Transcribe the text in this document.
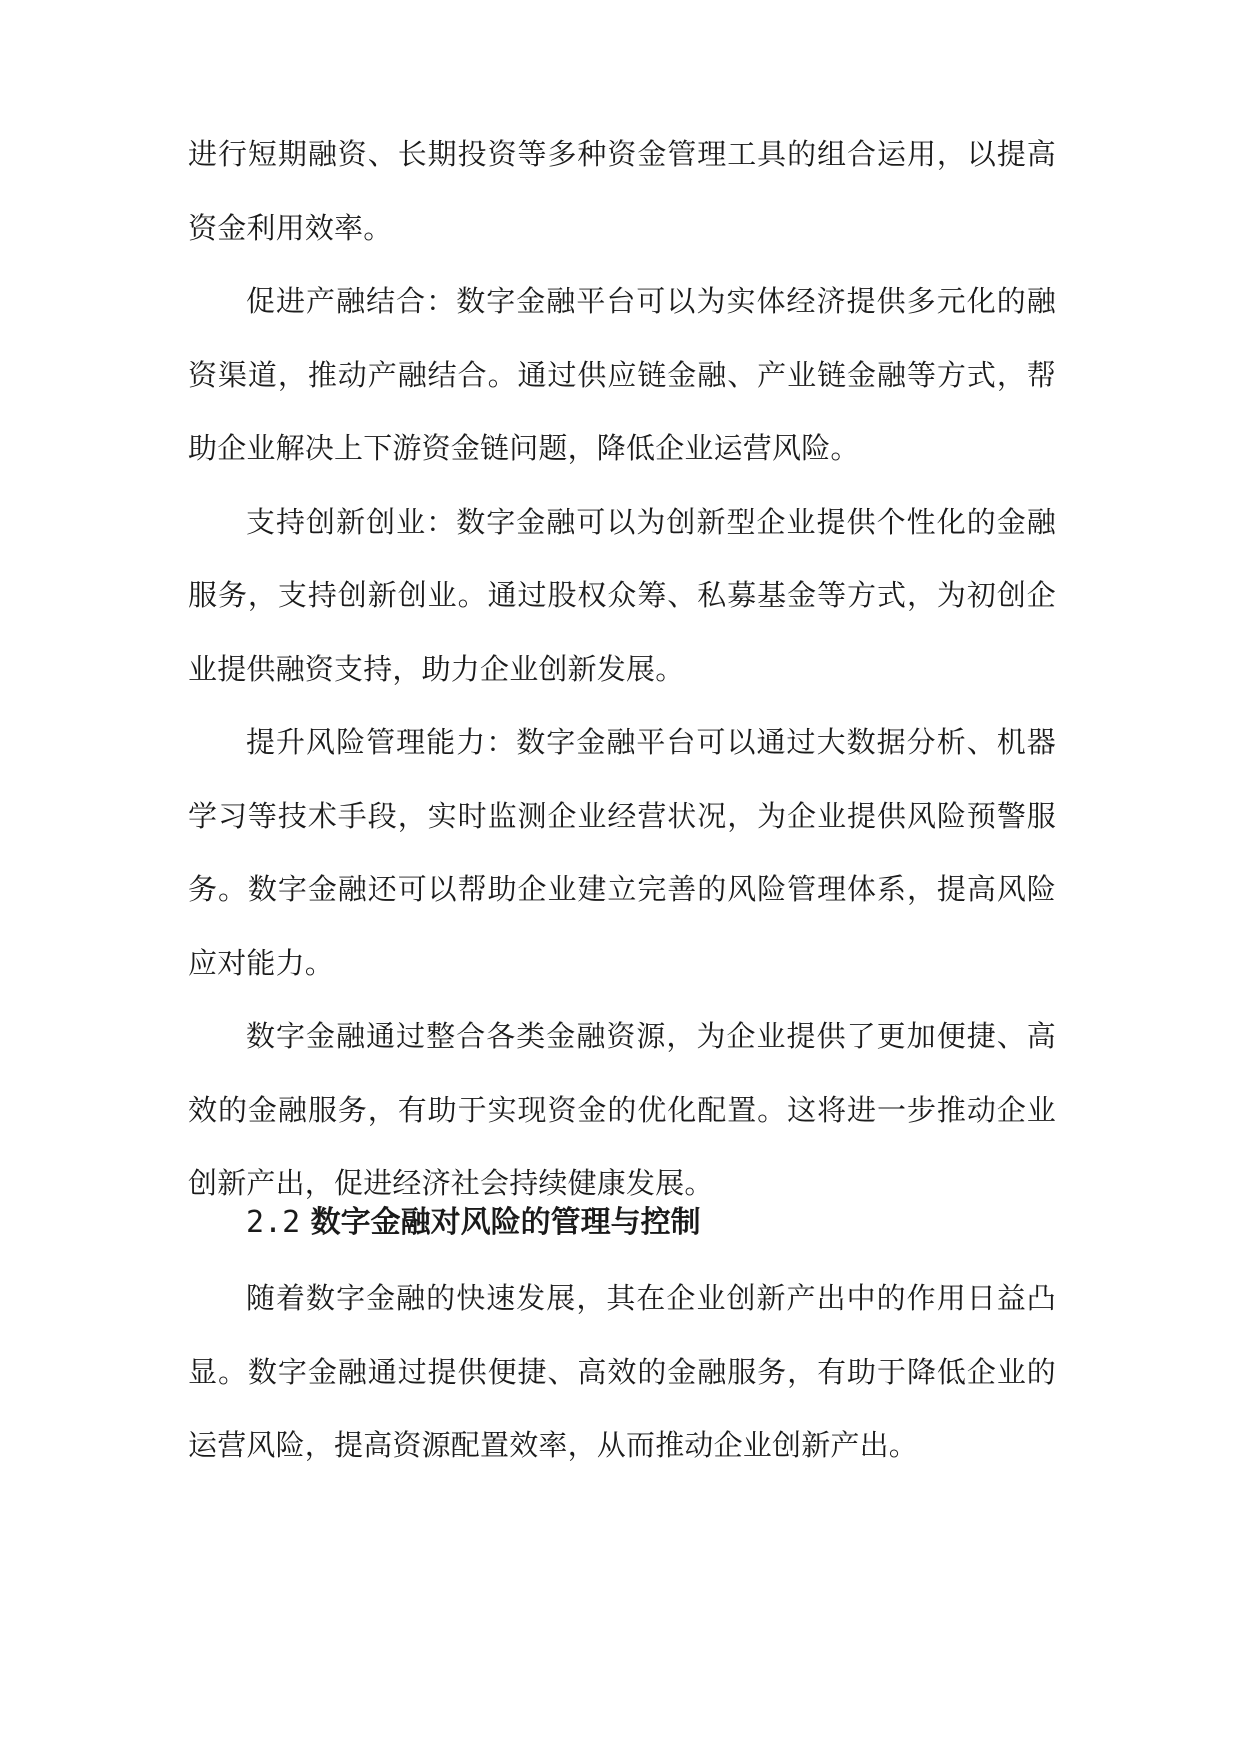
进行短期融资、长期投资等多种资金管理工具的组合运用，以提高资金利用效率。

促进产融结合：数字金融平台可以为实体经济提供多元化的融资渠道，推动产融结合。通过供应链金融、产业链金融等方式，帮助企业解决上下游资金链问题，降低企业运营风险。

支持创新创业：数字金融可以为创新型企业提供个性化的金融服务，支持创新创业。通过股权众筹、私募基金等方式，为初创企业提供融资支持，助力企业创新发展。

提升风险管理能力：数字金融平台可以通过大数据分析、机器学习等技术手段，实时监测企业经营状况，为企业提供风险预警服务。数字金融还可以帮助企业建立完善的风险管理体系，提高风险应对能力。

数字金融通过整合各类金融资源，为企业提供了更加便捷、高效的金融服务，有助于实现资金的优化配置。这将进一步推动企业创新产出，促进经济社会持续健康发展。

2.2 数字金融对风险的管理与控制

随着数字金融的快速发展，其在企业创新产出中的作用日益凸显。数字金融通过提供便捷、高效的金融服务，有助于降低企业的运营风险，提高资源配置效率，从而推动企业创新产出。
